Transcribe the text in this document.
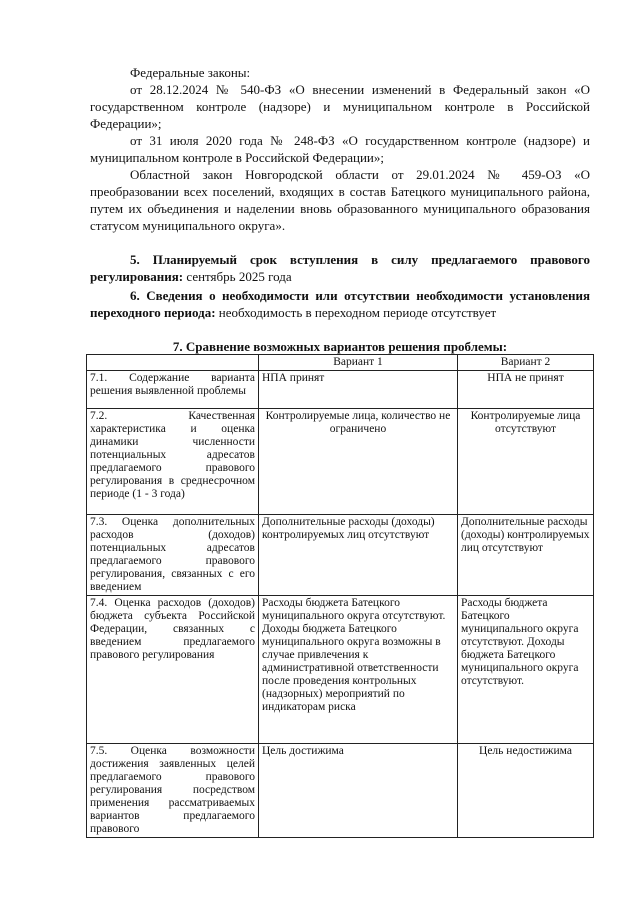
Федеральные законы:

от 28.12.2024 № 540-ФЗ «О внесении изменений в Федеральный закон «О государственном контроле (надзоре) и муниципальном контроле в Российской Федерации»;

от 31 июля 2020 года № 248-ФЗ «О государственном контроле (надзоре) и муниципальном контроле в Российской Федерации»;

Областной закон Новгородской области от 29.01.2024 № 459-ОЗ «О преобразовании всех поселений, входящих в состав Батецкого муниципального района, путем их объединения и наделении вновь образованного муниципального образования статусом муниципального округа».

5. Планируемый срок вступления в силу предлагаемого правового регулирования: сентябрь 2025 года

6. Сведения о необходимости или отсутствии необходимости установления переходного периода: необходимость в переходном периоде отсутствует

7. Сравнение возможных вариантов решения проблемы:

	Вариант 1	Вариант 2
7.1. Содержание варианта решения выявленной проблемы	НПА принят	НПА не принят
7.2. Качественная характеристика и оценка динамики численности потенциальных адресатов предлагаемого правового регулирования в среднесрочном периоде (1 - 3 года)	Контролируемые лица, количество не ограничено	Контролируемые лица отсутствуют
7.3. Оценка дополнительных расходов (доходов) потенциальных адресатов предлагаемого правового регулирования, связанных с его введением	Дополнительные расходы (доходы) контролируемых лиц отсутствуют	Дополнительные расходы (доходы) контролируемых лиц отсутствуют
7.4. Оценка расходов (доходов) бюджета субъекта Российской Федерации, связанных с введением предлагаемого правового регулирования	Расходы бюджета Батецкого муниципального округа отсутствуют. Доходы бюджета Батецкого муниципального округа возможны в случае привлечения к административной ответственности после проведения контрольных (надзорных) мероприятий по индикаторам риска	Расходы бюджета Батецкого муниципального округа отсутствуют. Доходы бюджета Батецкого муниципального округа отсутствуют.
7.5. Оценка возможности достижения заявленных целей предлагаемого правового регулирования посредством применения рассматриваемых вариантов предлагаемого правового	Цель достижима	Цель недостижима
